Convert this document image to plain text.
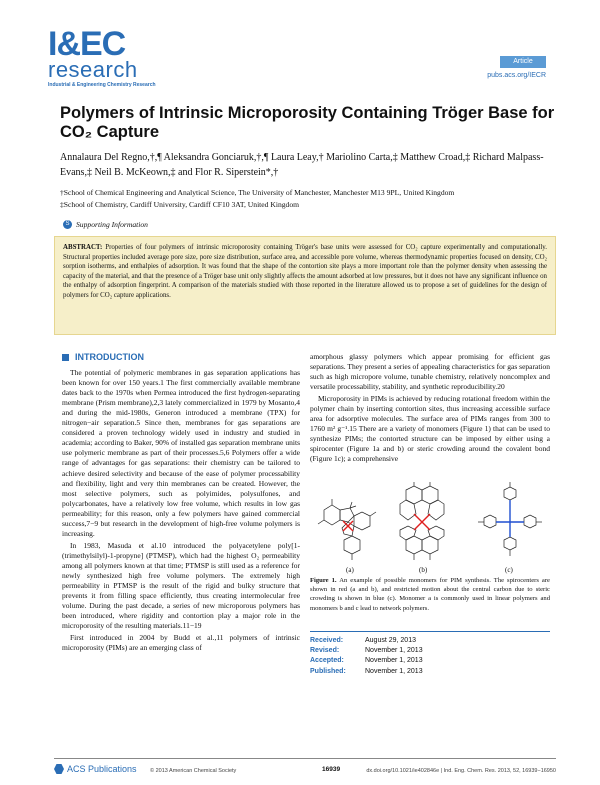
I&EC
research
Industrial & Engineering Chemistry Research
Article
pubs.acs.org/IECR
Polymers of Intrinsic Microporosity Containing Tröger Base for CO₂ Capture
Annalaura Del Regno,†,¶ Aleksandra Gonciaruk,†,¶ Laura Leay,† Mariolino Carta,‡ Matthew Croad,‡ Richard Malpass-Evans,‡ Neil B. McKeown,‡ and Flor R. Siperstein*,†
†School of Chemical Engineering and Analytical Science, The University of Manchester, Manchester M13 9PL, United Kingdom
‡School of Chemistry, Cardiff University, Cardiff CF10 3AT, United Kingdom
S Supporting Information
ABSTRACT: Properties of four polymers of intrinsic microporosity containing Tröger's base units were assessed for CO₂ capture experimentally and computationally. Structural properties included average pore size, pore size distribution, surface area, and accessible pore volume, whereas thermodynamic properties focused on density, CO₂ sorption isotherms, and enthalpies of adsorption. It was found that the shape of the contortion site plays a more important role than the polymer density when assessing the capacity of the material, and that the presence of a Tröger base unit only slightly affects the amount adsorbed at low pressures, but it does not have any significant influence on the enthalpy of adsorption fingerprint. A comparison of the materials studied with those reported in the literature allowed us to propose a set of guidelines for the design of polymers for CO₂ capture applications.
INTRODUCTION

The potential of polymeric membranes in gas separation applications has been known for over 150 years.1 The first commercially available membrane dates back to the 1970s when Permea introduced the first hydrogen-separating membrane (Prism membrane),2,3 lately commercialized in 1979 by Mosanto,4 and during the mid-1980s, Generon introduced a membrane (TPX) for nitrogen−air separation.5 Since then, membranes for gas separations are considered a proven technology widely used in industry and studied in academia; according to Baker, 90% of installed gas separation membrane units use polymeric membrane as part of their processes.5,6 Polymers offer a wide range of advantages for gas separations: their chemistry can be tailored to achieve desired selectivity and because of the ease of polymer processability and flexibility, light and very thin membranes can be created. However, the most selective polymers, such as polyimides, polysulfones, and polycarbonates, have a relatively low free volume, which results in low gas permeability; for this reason, only a few polymers have gained commercial success,7−9 but research in the development of high-free volume polymers is increasing.

In 1983, Masuda et al.10 introduced the polyacetylene poly[1-(trimethylsilyl)-1-propyne] (PTMSP), which had the highest O₂ permeability among all polymers known at that time; PTMSP is still used as a reference for newly synthesized high free volume polymers. The extremely high permeability in PTMSP is the result of the rigid and bulky structure that prevents it from filling space efficiently, thus creating intermolecular free volume. During the past decade, a series of new microporous polymers has been introduced, where rigidity and contortion play a major role in the microporosity of the resulting materials.11−19

First introduced in 2004 by Budd et al.,11 polymers of intrinsic microporosity (PIMs) are an emerging class of

amorphous glassy polymers which appear promising for efficient gas separations. They present a series of appealing characteristics for gas separation such as high micropore volume, tunable chemistry, relatively noncomplex and versatile processability, stability, and synthetic reproducibility.20

Microporosity in PIMs is achieved by reducing rotational freedom within the polymer chain by inserting contortion sites, thus increasing accessible surface area for adsorptive molecules. The surface area of PIMs ranges from 300 to 1760 m² g⁻¹.15 There are a variety of monomers (Figure 1) that can be used to synthesize PIMs; the contorted structure can be imposed by either using a spirocenter (Figure 1a and b) or steric crowding around the covalent bond (Figure 1c); a comprehensive

(a)	(b)	(c)
Figure 1. An example of possible monomers for PIM synthesis. The spirocenters are shown in red (a and b), and restricted motion about the central carbon due to steric crowding is shown in blue (c). Monomer a is commonly used in linear polymers and monomers b and c lead to network polymers.
Received:	August 29, 2013
Revised:	November 1, 2013
Accepted:	November 1, 2013
Published:	November 1, 2013
ACS Publications © 2013 American Chemical Society	16939	dx.doi.org/10.1021/ie402846e | Ind. Eng. Chem. Res. 2013, 52, 16939−16950
